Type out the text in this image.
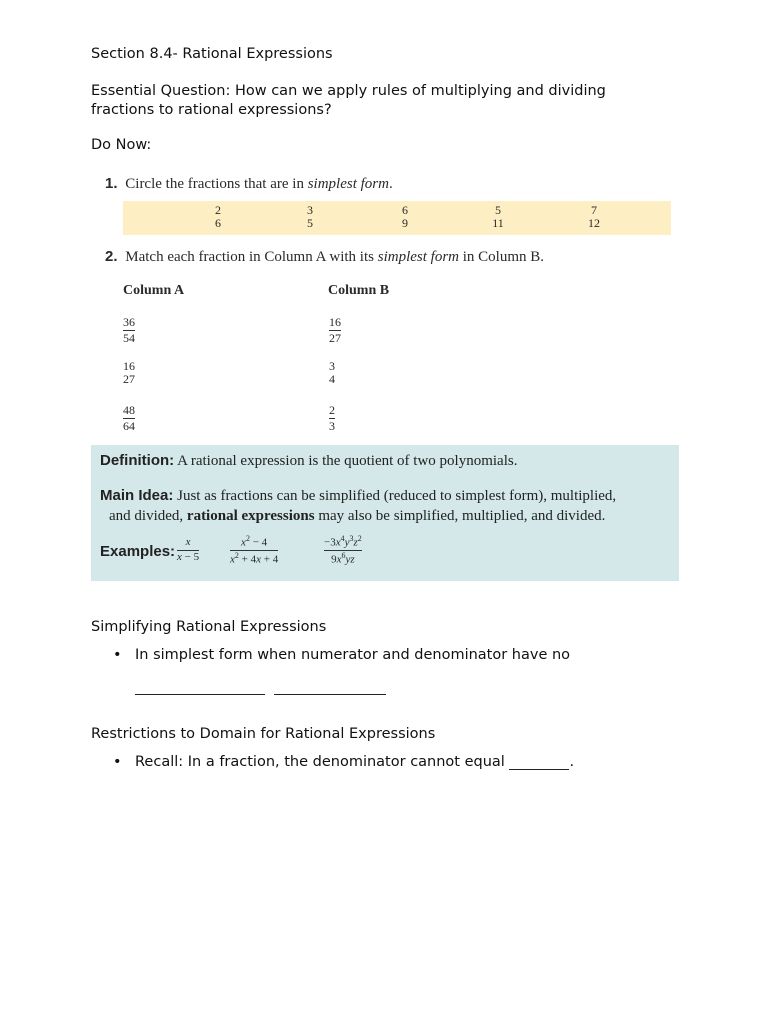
Section 8.4- Rational Expressions

Essential Question: How can we apply rules of multiplying and dividing fractions to rational expressions?

Do Now:

1. Circle the fractions that are in simplest form.
2
6
3
5
6
9
5
11
7
12
2. Match each fraction in Column A with its simplest form in Column B.
Column A	Column B
36
54
16
27
48
64
16
27
3
4
2
3
Definition: A rational expression is the quotient of two polynomials.
Main Idea: Just as fractions can be simplified (reduced to simplest form), multiplied,
and divided, rational expressions may also be simplified, multiplied, and divided.
Examples:
x
x − 5
$x^2 - 4$
$x^2 + 4x + 4$
$-3x^4y^3z^2$
$9x^6yz$

Simplifying Rational Expressions

• In simplest form when numerator and denominator have no

Restrictions to Domain for Rational Expressions

• Recall: In a fraction, the denominator cannot equal	.
